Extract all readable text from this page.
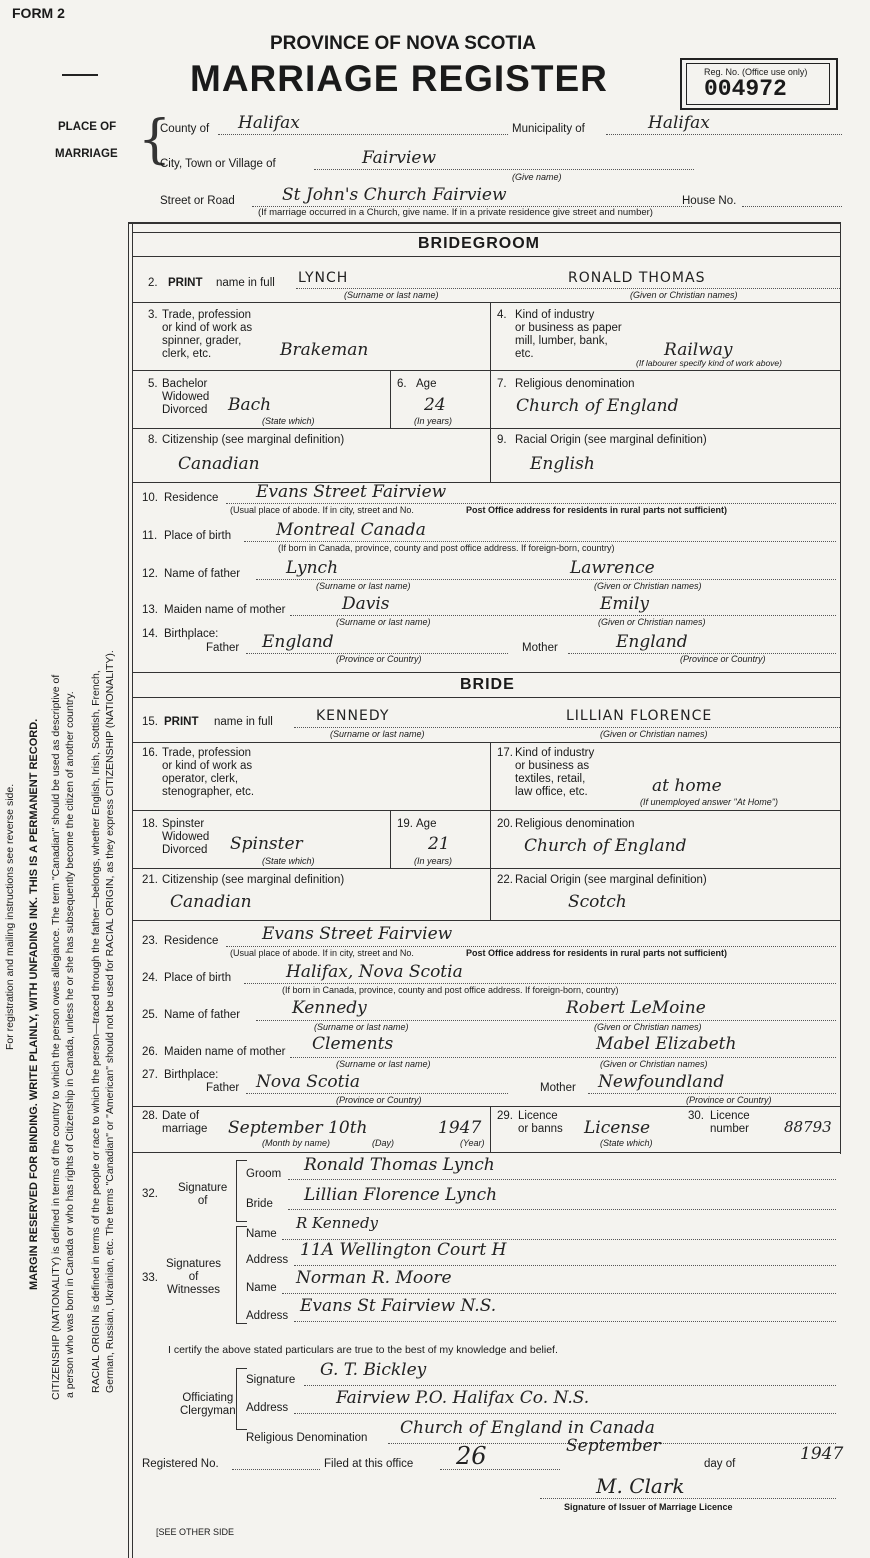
FORM 2
PROVINCE OF NOVA SCOTIA
MARRIAGE REGISTER	Reg. No. (Office use only)
004972
PLACE OF
MARRIAGE {
County of Halifax	Municipality of	Halifax
City, Town or Village of	Fairview
(Give name)
Street or Road	St John's Church Fairview	House No.
(If marriage occurred in a Church, give name. If in a private residence give street and number)
For registration and mailing instructions see reverse side. MARGIN RESERVED FOR BINDING. WRITE PLAINLY, WITH UNFADING INK. THIS IS A PERMANENT RECORD. CITIZENSHIP (NATIONALITY) is defined in terms of the country to which the person owes allegiance. The term "Canadian" should be used as descriptive of a person who was born in Canada or who has rights of Citizenship in Canada, unless he or she has subsequently become the citizen of another country. RACIAL ORIGIN is defined in terms of the people or race to which the person—traced through the father—belongs, whether English, Irish, Scottish, French, German, Russian, Ukrainian, etc. The terms "Canadian" or "American" should not be used for RACIAL ORIGIN, as they express CITIZENSHIP (NATIONALITY).
BRIDEGROOM
2. PRINT name in full LYNCH	RONALD THOMAS
(Surname or last name)	(Given or Christian names)
3. Trade, profession
or kind of work as
spinner, grader,
clerk, etc.	Brakeman
4. Kind of industry
or business as paper
mill, lumber, bank,
etc.	Railway
(If labourer specify kind of work above)
5. Bachelor
Widowed
Divorced Bach
(State which)
6. Age
24
(In years)
7. Religious denomination
Church of England
8. Citizenship (see marginal definition)
Canadian
9. Racial Origin (see marginal definition)
English
10. Residence Evans Street Fairview
(Usual place of abode. If in city, street and No.	Post Office address for residents in rural parts not sufficient)
11. Place of birth	Montreal Canada
(If born in Canada, province, county and post office address. If foreign-born, country)
12. Name of father	Lynch	Lawrence
(Surname or last name)	(Given or Christian names)
13. Maiden name of mother	Davis	Emily
(Surname or last name)	(Given or Christian names)
14. Birthplace:
Father England
(Province or Country)
Mother	England
(Province or Country)
BRIDE
15. PRINT name in full	KENNEDY	LILLIAN FLORENCE
(Surname or last name)	(Given or Christian names)
16. Trade, profession
or kind of work as
operator, clerk,
stenographer, etc.
17. Kind of industry
or business as
textiles, retail,
law office, etc.	at home
(If unemployed answer "At Home")
18. Spinster
Widowed
Divorced Spinster
(State which)
19. Age
21
(In years)
20. Religious denomination
Church of England
21. Citizenship (see marginal definition)
Canadian
22. Racial Origin (see marginal definition)
Scotch
23. Residence	Evans Street Fairview
(Usual place of abode. If in city, street and No.	Post Office address for residents in rural parts not sufficient)
24. Place of birth	Halifax, Nova Scotia
(If born in Canada, province, county and post office address. If foreign-born, country)
25. Name of father	Kennedy	Robert LeMoine
(Surname or last name)	(Given or Christian names)
26. Maiden name of mother Clements	Mabel Elizabeth
(Surname or last name)	(Given or Christian names)
27. Birthplace:
Father Nova Scotia
(Province or Country)
Mother Newfoundland
(Province or Country)
28. Date of
marriage September 10th	1947
(Month by name)	(Day)	(Year)
29. Licence
or banns License
(State which)
30. Licence
number 88793
32. Signature
of
Groom Ronald Thomas Lynch
Bride Lillian Florence Lynch
33.
Signatures
of
Witnesses
Name
R Kennedy
Address 11A Wellington Court H
Name Norman R. Moore
Address Evans St Fairview N.S.
I certify the above stated particulars are true to the best of my knowledge and belief.
Officiating
Clergyman
Signature G. T. Bickley
Address	Fairview P.O. Halifax Co. N.S.
Religious Denomination Church of England in Canada
Registered No.	Filed at this office 26	day of
September	1947
M. Clark
Signature of Issuer of Marriage Licence
[SEE OTHER SIDE
